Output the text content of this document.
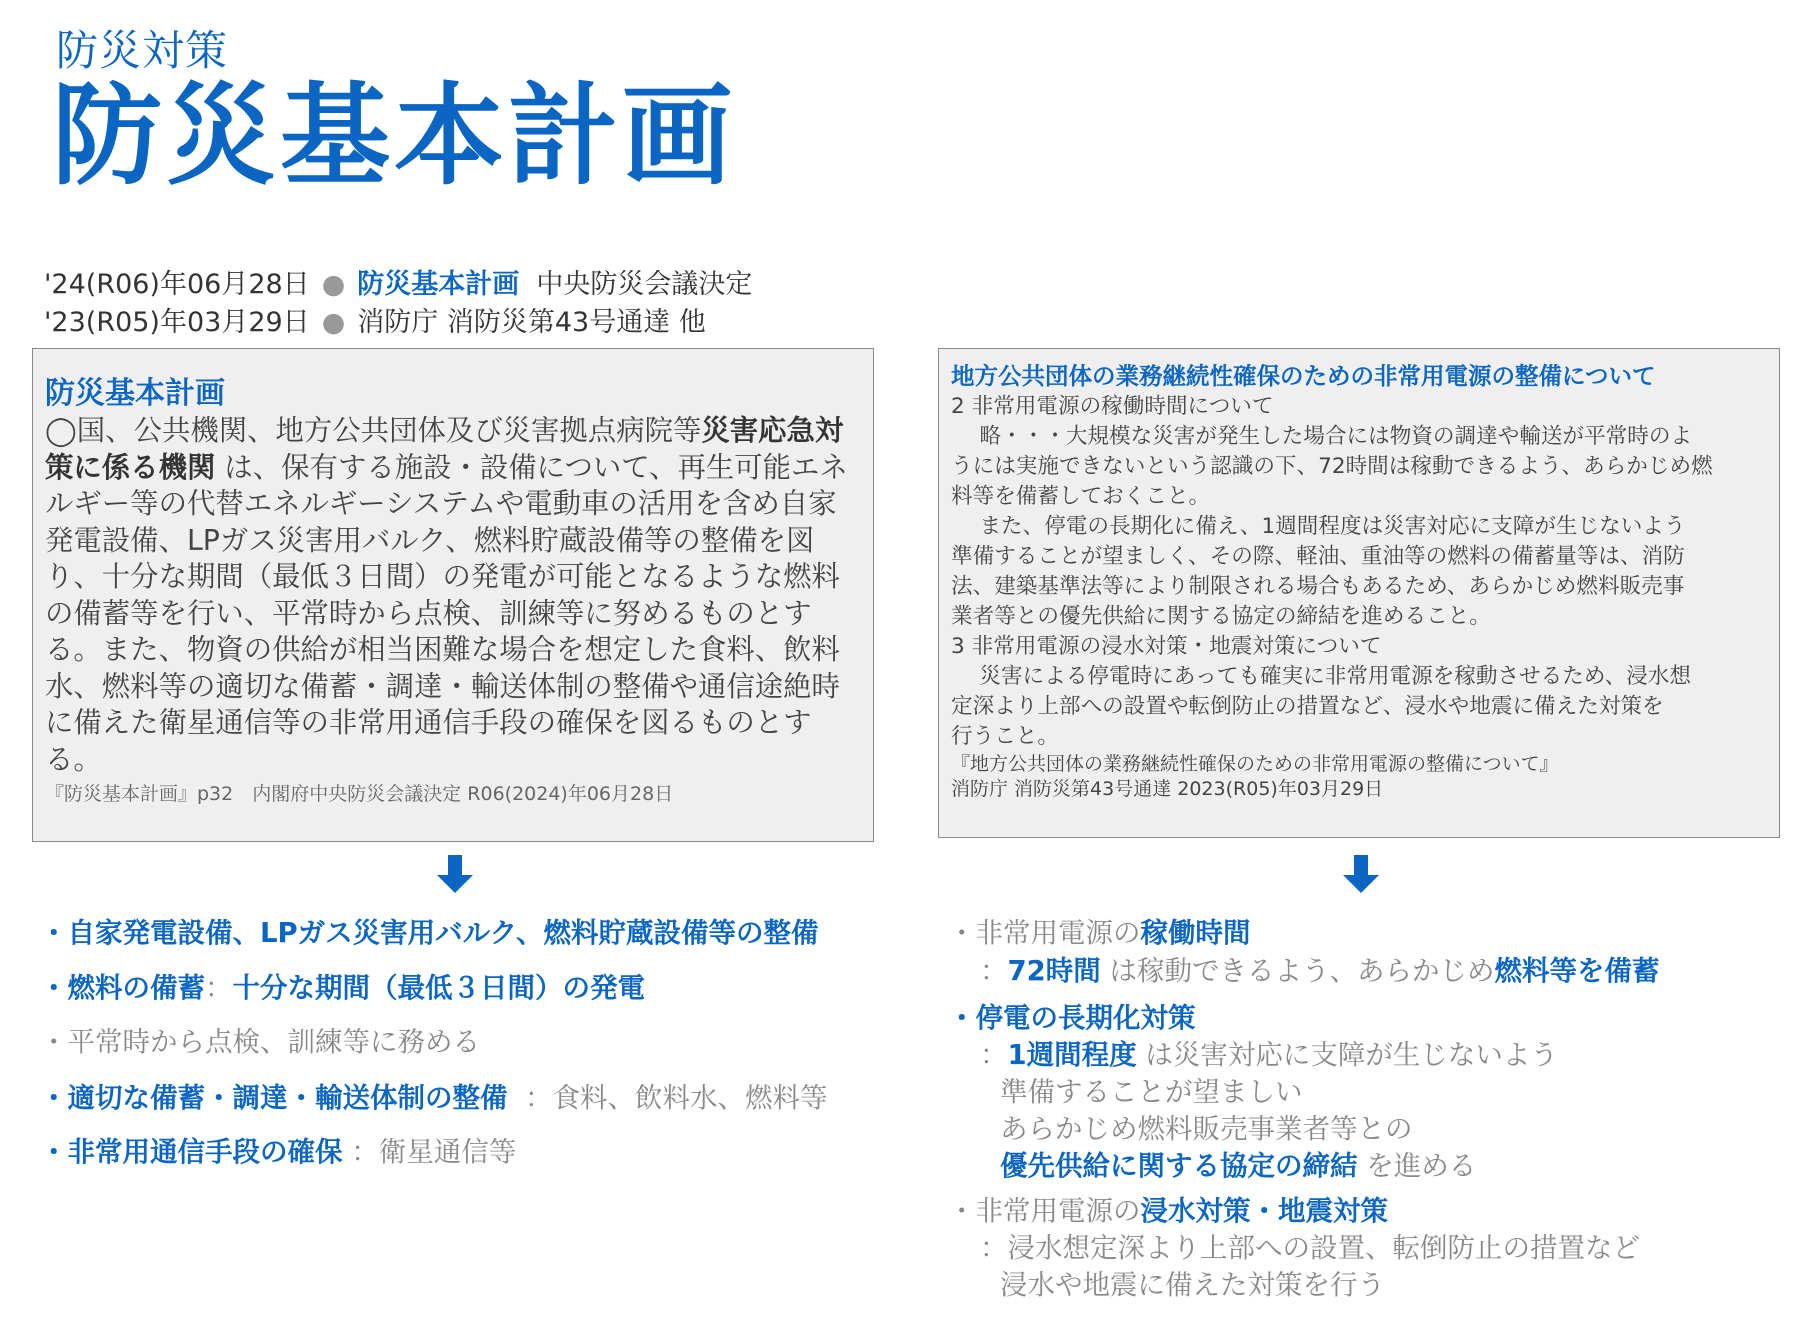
防災対策
防災基本計画
'24(R06)年06月28日 ● 防災基本計画 中央防災会議決定
'23(R05)年03月29日 ● 消防庁 消防災第43号通達 他
防災基本計画
◯国、公共機関、地方公共団体及び災害拠点病院等災害応急対策に係る機関 は、保有する施設・設備について、再生可能エネルギー等の代替エネルギーシステムや電動車の活用を含め自家発電設備、LPガス災害用バルク、燃料貯蔵設備等の整備を図り、十分な期間（最低３日間）の発電が可能となるような燃料の備蓄等を行い、平常時から点検、訓練等に努めるものとする。また、物資の供給が相当困難な場合を想定した食料、飲料水、燃料等の適切な備蓄・調達・輸送体制の整備や通信途絶時に備えた衛星通信等の非常用通信手段の確保を図るものとする。
『防災基本計画』p32　内閣府中央防災会議決定 R06(2024)年06月28日
地方公共団体の業務継続性確保のための非常用電源の整備について
2 非常用電源の稼働時間について
　 略・・・大規模な災害が発生した場合には物資の調達や輸送が平常時のよ
うには実施できないという認識の下、72時間は稼動できるよう、あらかじめ燃
料等を備蓄しておくこと。
　 また、停電の長期化に備え、1週間程度は災害対応に支障が生じないよう
準備することが望ましく、その際、軽油、重油等の燃料の備蓄量等は、消防
法、建築基準法等により制限される場合もあるため、あらかじめ燃料販売事
業者等との優先供給に関する協定の締結を進めること。
3 非常用電源の浸水対策・地震対策について
　 災害による停電時にあっても確実に非常用電源を稼動させるため、浸水想
定深より上部への設置や転倒防止の措置など、浸水や地震に備えた対策を
行うこと。
『地方公共団体の業務継続性確保のための非常用電源の整備について』
消防庁 消防災第43号通達 2023(R05)年03月29日
・自家発電設備、LPガス災害用バルク、燃料貯蔵設備等の整備
・燃料の備蓄：十分な期間（最低３日間）の発電
・平常時から点検、訓練等に務める
・適切な備蓄・調達・輸送体制の整備 ：食料、飲料水、燃料等
・非常用通信手段の確保 ：衛星通信等
・非常用電源の稼働時間
：72時間 は稼動できるよう、あらかじめ燃料等を備蓄
・停電の長期化対策
：1週間程度 は災害対応に支障が生じないよう
準備することが望ましい
あらかじめ燃料販売事業者等との
優先供給に関する協定の締結 を進める
・非常用電源の浸水対策・地震対策
：浸水想定深より上部への設置、転倒防止の措置など
浸水や地震に備えた対策を行う
